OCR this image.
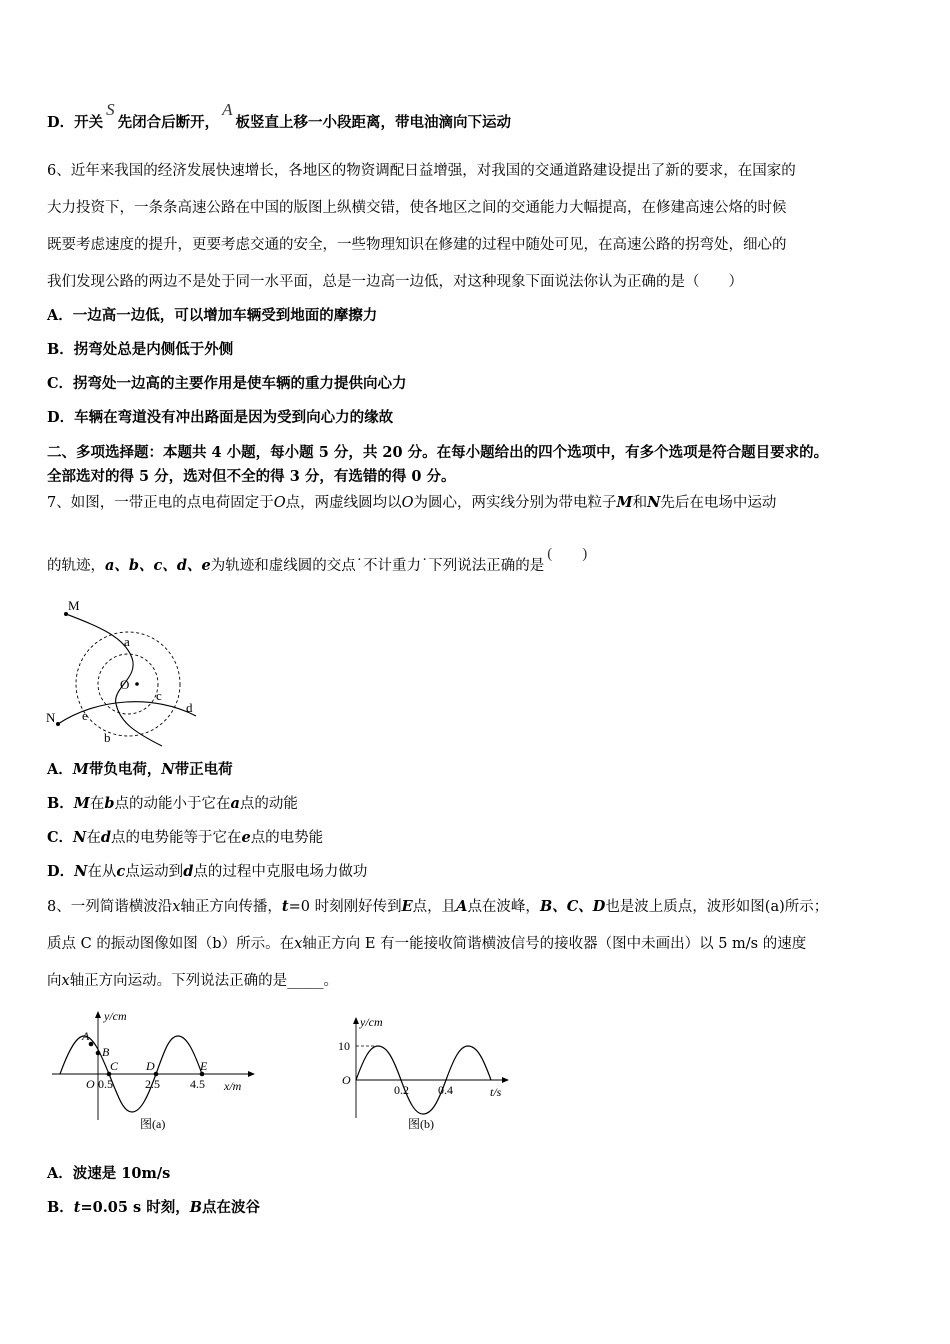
D．开关S先闭合后断开，A板竖直上移一小段距离，带电油滴向下运动
6、近年来我国的经济发展快速增长，各地区的物资调配日益增强，对我国的交通道路建设提出了新的要求，在国家的
大力投资下，一条条高速公路在中国的版图上纵横交错，使各地区之间的交通能力大幅提高，在修建高速公烙的时候
既要考虑速度的提升，更要考虑交通的安全，一些物理知识在修建的过程中随处可见，在高速公路的拐弯处，细心的
我们发现公路的两边不是处于同一水平面，总是一边高一边低，对这种现象下面说法你认为正确的是（　　）
A．一边高一边低，可以增加车辆受到地面的摩擦力
B．拐弯处总是内侧低于外侧
C．拐弯处一边高的主要作用是使车辆的重力提供向心力
D．车辆在弯道没有冲出路面是因为受到向心力的缘故
二、多项选择题：本题共 4 小题，每小题 5 分，共 20 分。在每小题给出的四个选项中，有多个选项是符合题目要求的。
全部选对的得 5 分，选对但不全的得 3 分，有选错的得 0 分。
7、如图，一带正电的点电荷固定于O点，两虚线圆均以O为圆心，两实线分别为带电粒子M和N先后在电场中运动
的轨迹，a、b、c、d、e为轨迹和虚线圆的交点˙不计重力˙下列说法正确的是(　　)
M
N
O
a
b
c
d
e
A．M带负电荷，N带正电荷
B．M在b点的动能小于它在a点的动能
C．N在d点的电势能等于它在e点的电势能
D．N在从c点运动到d点的过程中克服电场力做功
8、一列简谐横波沿x轴正方向传播，t=0 时刻刚好传到E点，且A点在波峰，B、C、D也是波上质点，波形如图(a)所示；
质点 C 的振动图像如图（b）所示。在x轴正方向 E 有一能接收简谐横波信号的接收器（图中未画出）以 5 m/s 的速度
向x轴正方向运动。下列说法正确的是_____。
y/cm
x/m
O 0.5	2.5	4.5
A
B
C D	E
图(a)
y/cm
10
O
0.2 0.4	t/s
图(b)
A．波速是 10m/s
B．t=0.05 s 时刻，B点在波谷
